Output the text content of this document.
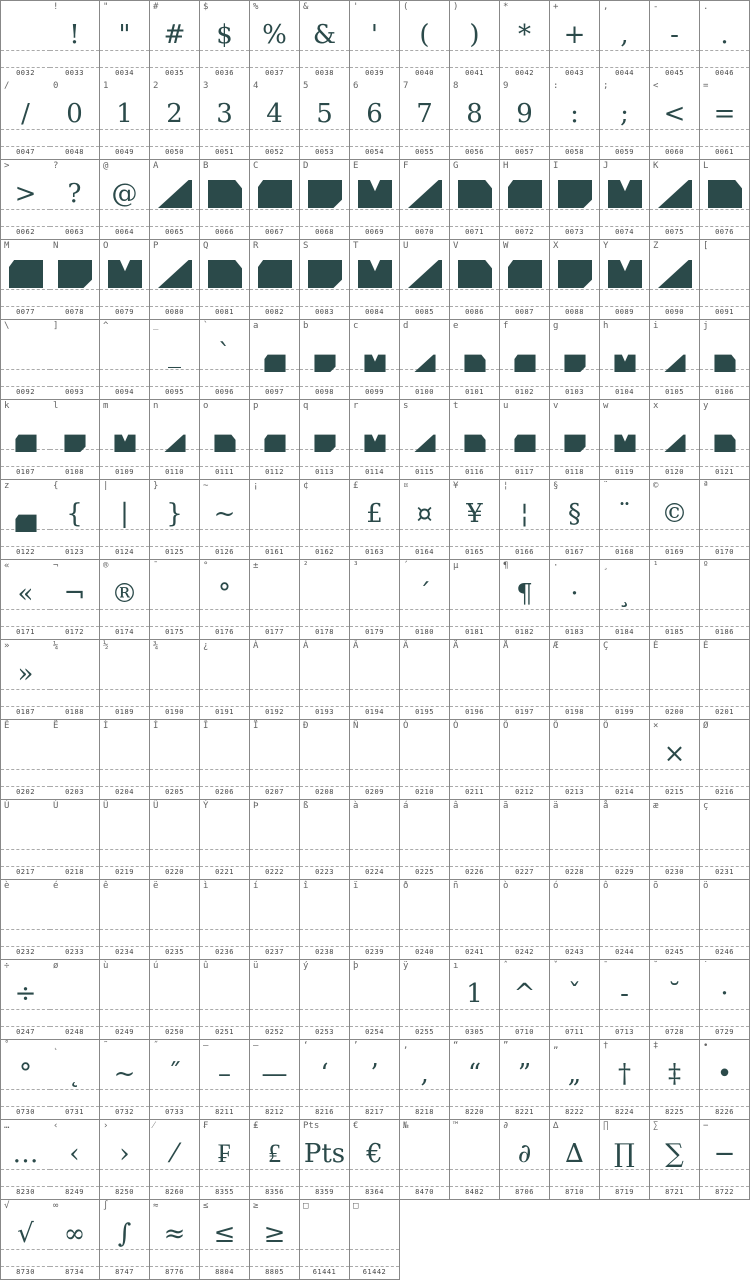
0032
!
!
0033
"
"
0034
#
#
0035
$
$
0036
%
%
0037
&
&
0038
'
'
0039
(
(
0040
)
)
0041
*
*
0042
+
+
0043
,
,
0044
-
-
0045
.
.
0046
/
/
0047
0
0
0048
1
1
0049
2
2
0050
3
3
0051
4
4
0052
5
5
0053
6
6
0054
7
7
0055
8
8
0056
9
9
0057
:
:
0058
;
;
0059
<
<
0060
=
=
0061
>
>
0062
?
?
0063
@
@
0064
A
0065
B
0066
C
0067
D
0068
E
0069
F
0070
G
0071
H
0072
I
0073
J
0074
K
0075
L
0076
M
0077
N
0078
O
0079
P
0080
Q
0081
R
0082
S
0083
T
0084
U
0085
V
0086
W
0087
X
0088
Y
0089
Z
0090
[
0091
\
0092
]
0093
^
0094
_
_
0095
`
`
0096
a
0097
b
0098
c
0099
d
0100
e
0101
f
0102
g
0103
h
0104
i
0105
j
0106
k
0107
l
0108
m
0109
n
0110
o
0111
p
0112
q
0113
r
0114
s
0115
t
0116
u
0117
v
0118
w
0119
x
0120
y
0121
z
0122
{
{
0123
|
|
0124
}
}
0125
~
~
0126
¡
0161
¢
0162
£
£
0163
¤
¤
0164
¥
¥
0165
¦
¦
0166
§
§
0167
¨
¨
0168
©
©
0169
ª
0170
«
«
0171
¬
¬
0172
®
®
0174
¯
0175
°
°
0176
±
0177
²
0178
³
0179
´
´
0180
µ
0181
¶
¶
0182
·
·
0183
¸
¸
0184
¹
0185
º
0186
»
»
0187
¼
0188
½
0189
¾
0190
¿
0191
À
0192
Á
0193
Â
0194
Ã
0195
Ä
0196
Å
0197
Æ
0198
Ç
0199
È
0200
É
0201
Ê
0202
Ë
0203
Ì
0204
Í
0205
Î
0206
Ï
0207
Ð
0208
Ñ
0209
Ò
0210
Ó
0211
Ô
0212
Õ
0213
Ö
0214
×
×
0215
Ø
0216
Ù
0217
Ú
0218
Û
0219
Ü
0220
Ý
0221
Þ
0222
ß
0223
à
0224
á
0225
â
0226
ã
0227
ä
0228
å
0229
æ
0230
ç
0231
è
0232
é
0233
ê
0234
ë
0235
ì
0236
í
0237
î
0238
ï
0239
ð
0240
ñ
0241
ò
0242
ó
0243
ô
0244
õ
0245
ö
0246
÷
÷
0247
ø
0248
ù
0249
ú
0250
û
0251
ü
0252
ý
0253
þ
0254
ÿ
0255
ı
1
0305
ˆ
^
0710
ˇ
ˇ
0711
ˉ
-
0713
˘
˘
0728
˙
·
0729
˚
°
0730
˛
˛
0731
˜
~
0732
˝
˝
0733
–
–
8211
—
—
8212
‘
‘
8216
’
’
8217
‚
‚
8218
“
“
8220
”
”
8221
„
„
8222
†
†
8224
‡
‡
8225
•
•
8226
…
…
8230
‹
‹
8249
›
›
8250
⁄
⁄
8260
₣
₣
8355
₤
₤
8356
Pts
Pts
8359
€
€
8364
№
8470
™
8482
∂
∂
8706
∆
∆
8710
∏
∏
8719
∑
∑
8721
−
−
8722
√
√
8730
∞
∞
8734
∫
∫
8747
≈
≈
8776
≤
≤
8804
≥
≥
8805
□
61441
□
61442
